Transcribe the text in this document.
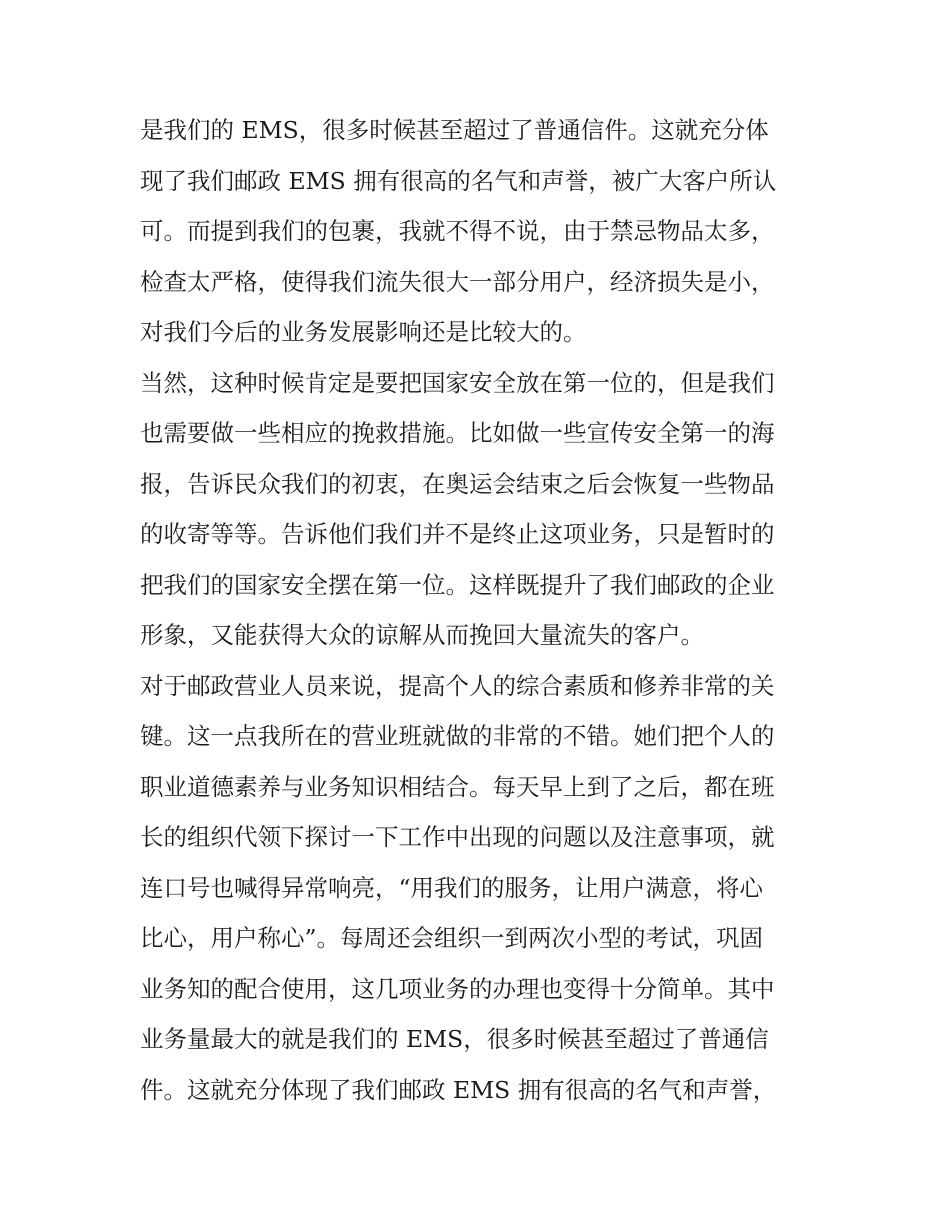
是我们的 EMS，很多时候甚至超过了普通信件。这就充分体
现了我们邮政 EMS 拥有很高的名气和声誉，被广大客户所认
可。而提到我们的包裹，我就不得不说，由于禁忌物品太多，
检查太严格，使得我们流失很大一部分用户，经济损失是小，
对我们今后的业务发展影响还是比较大的。
当然，这种时候肯定是要把国家安全放在第一位的，但是我们
也需要做一些相应的挽救措施。比如做一些宣传安全第一的海
报，告诉民众我们的初衷，在奥运会结束之后会恢复一些物品
的收寄等等。告诉他们我们并不是终止这项业务，只是暂时的
把我们的国家安全摆在第一位。这样既提升了我们邮政的企业
形象，又能获得大众的谅解从而挽回大量流失的客户。
对于邮政营业人员来说，提高个人的综合素质和修养非常的关
键。这一点我所在的营业班就做的非常的不错。她们把个人的
职业道德素养与业务知识相结合。每天早上到了之后，都在班
长的组织代领下探讨一下工作中出现的问题以及注意事项，就
连口号也喊得异常响亮，“用我们的服务，让用户满意，将心
比心，用户称心”。每周还会组织一到两次小型的考试，巩固
业务知的配合使用，这几项业务的办理也变得十分简单。其中
业务量最大的就是我们的 EMS，很多时候甚至超过了普通信
件。这就充分体现了我们邮政 EMS 拥有很高的名气和声誉，
